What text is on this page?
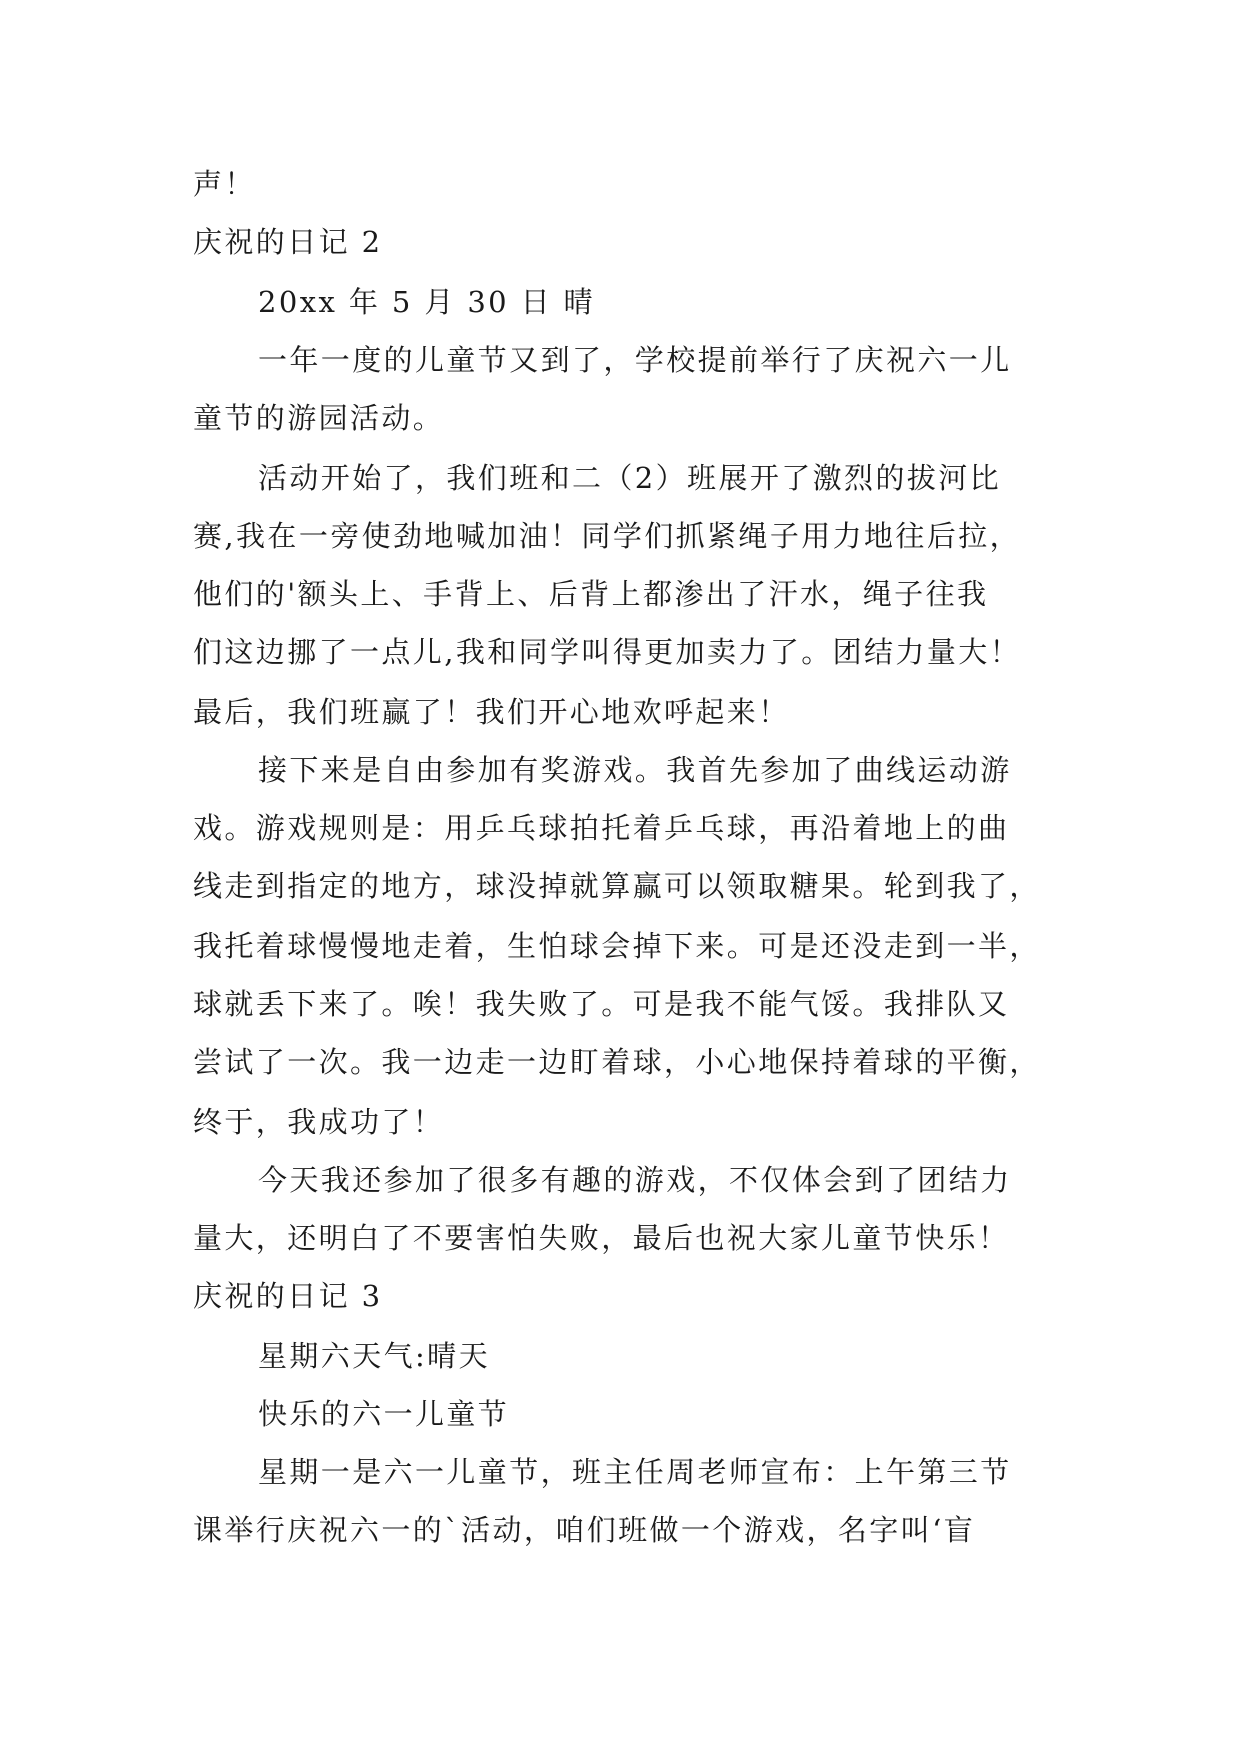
声！
庆祝的日记 2
20xx 年 5 月 30 日 晴
一年一度的儿童节又到了，学校提前举行了庆祝六一儿
童节的游园活动。
活动开始了，我们班和二（2）班展开了激烈的拔河比
赛,我在一旁使劲地喊加油！同学们抓紧绳子用力地往后拉，
他们的'额头上、手背上、后背上都渗出了汗水，绳子往我
们这边挪了一点儿,我和同学叫得更加卖力了。团结力量大！
最后，我们班赢了！我们开心地欢呼起来！
接下来是自由参加有奖游戏。我首先参加了曲线运动游
戏。游戏规则是：用乒乓球拍托着乒乓球，再沿着地上的曲
线走到指定的地方，球没掉就算赢可以领取糖果。轮到我了，
我托着球慢慢地走着，生怕球会掉下来。可是还没走到一半，
球就丢下来了。唉！我失败了。可是我不能气馁。我排队又
尝试了一次。我一边走一边盯着球，小心地保持着球的平衡，
终于，我成功了！
今天我还参加了很多有趣的游戏，不仅体会到了团结力
量大，还明白了不要害怕失败，最后也祝大家儿童节快乐！
庆祝的日记 3
星期六天气:晴天
快乐的六一儿童节
星期一是六一儿童节，班主任周老师宣布：上午第三节
课举行庆祝六一的`活动，咱们班做一个游戏，名字叫‘盲
